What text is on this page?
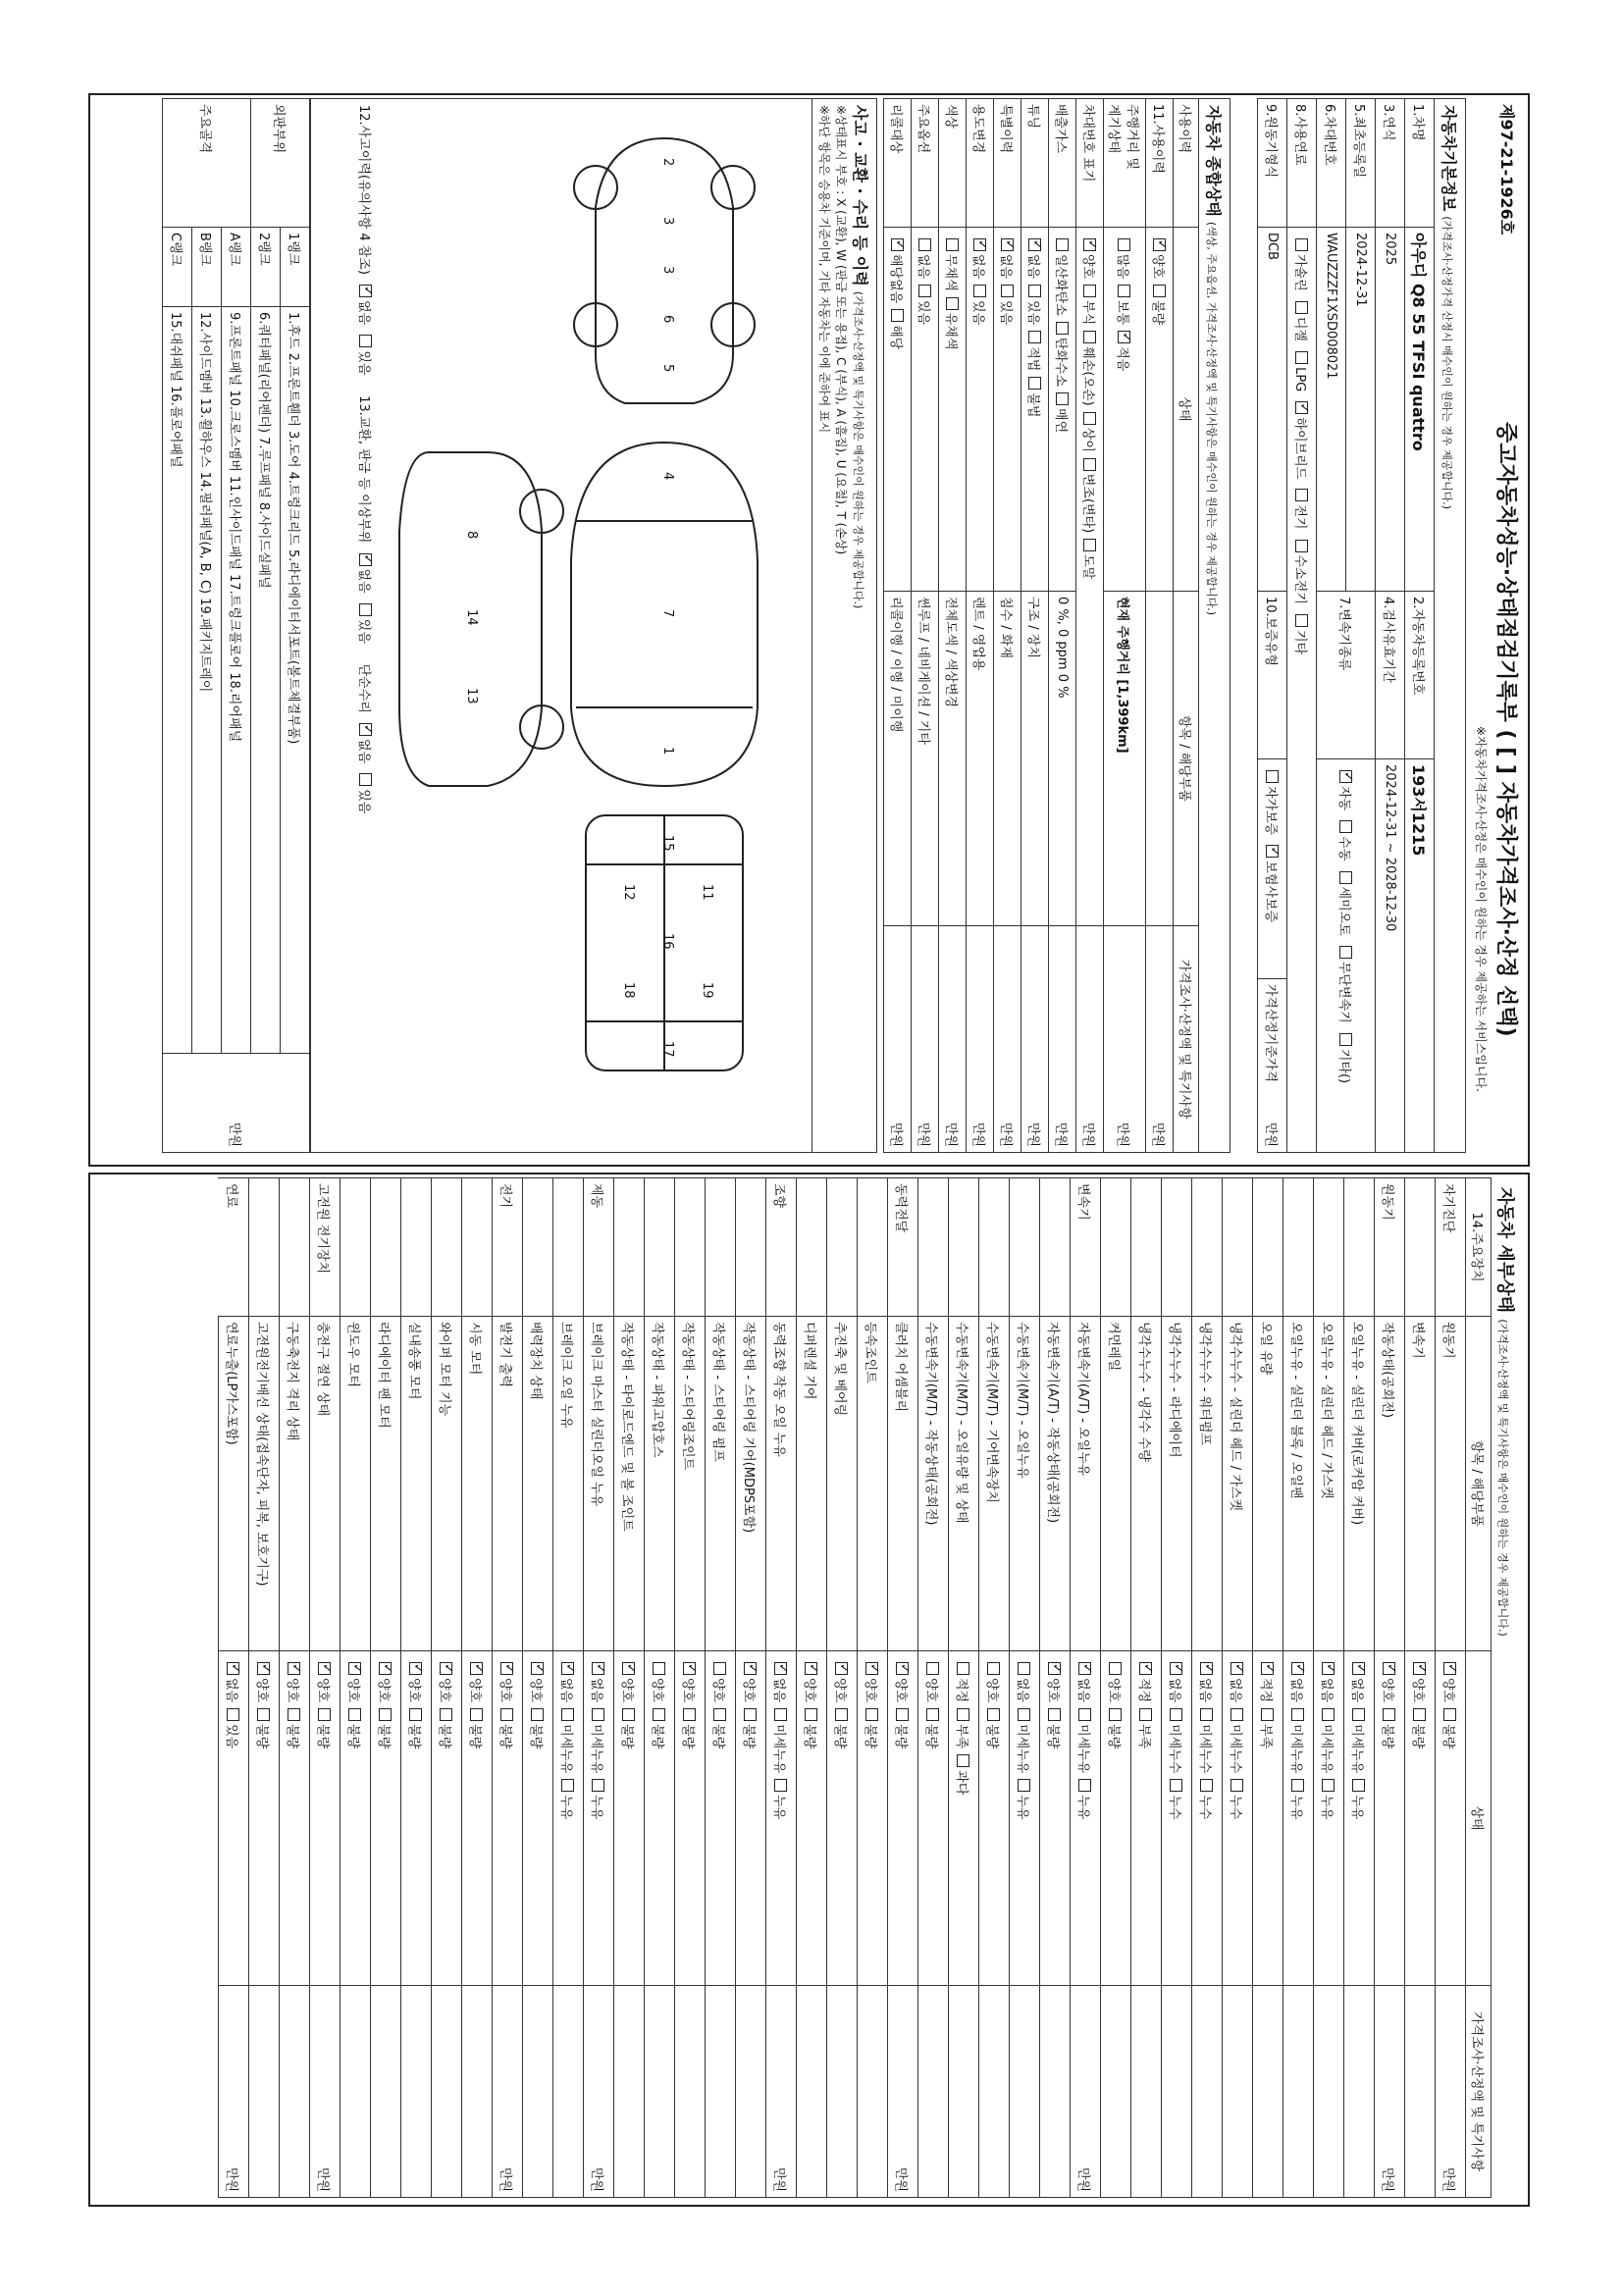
제97-21-1926호
중고자동차성능·상태점검기록부 ( [ ] 자동차가격조사·산정 선택)
※자동차가격조사·산정은 매수인이 원하는 경우 제공하는 서비스입니다.
자동차기본정보 (가격조사·산정가격 산정시 매수인이 원하는 경우 제공합니다.)
1.차명	아우디 Q8 55 TFSI quattro	2.자동차등록번호	193서1215	
3.연식	2025	4.검사유효기간	2024-12-31 ~ 2028-12-30	
5.최초등록일	2024-12-31	7.변속기종류	✓자동 수동 세미오토 무단변속기 기타()
6.차대번호	WAUZZZF1XSD008021			
8.사용연료	가솔린 디젤 LPG ✓하이브리드 전기 수소전기 기타
9.원동기형식	DCB	10.보증유형	자가보증 ✓보험사보증	가격산정기준가격
만원
자동차 종합상태 (색상, 주요옵션, 가격조사·산정액 및 특기사항은 매수인이 원하는 경우 제공합니다.)
사용이력	상태	항목 / 해당부품	가격조사·산정액 및 특기사항
11.사용이력	✓양호불량		만원
주행거리 및
계기상태	많음보통✓적음	현재 주행거리 [1,399km]	만원
차대번호 표기	✓양호부식훼손(오손)상이변조(변타)도말		만원
배출가스	일산화탄소탄화수소매연	0 %, 0 ppm 0 %	만원
튜닝	✓없음있음적법불법	구조 / 장치	만원
특별이력	✓없음있음	침수 / 화재	만원
용도변경	✓없음있음	렌트 / 영업용	만원
색상	무채색유채색	전체도색 / 색상변경	만원
주요옵션	없음있음	썬루프 / 네비게이션 / 기타	만원
리콜대상	✓해당없음해당	리콜이행 / 이행 / 미이행	만원
사고 · 교환 · 수리 등 이력 (가격조사·산정액 및 특기사항은 매수인이 원하는 경우 제공합니다.)
※상태표시 부호 : X (교환), W (판금 또는 용접), C (부식), A (흠집), U (요철), T (손상)
※하단 항목은 승용차 기준이며, 기타 자동차는 이에 준하여 표시
3
3
6
2
5
7
1
4
16
15
17
11
12
19
18
14
8
13
12.사고이력(유의사항 4 참조) ✓없음 있음     13.교환, 판금 등 이상부위 ✓없음 있음     단순수리 ✓없음 있음
외판부위	1랭크	1.후드 2.프론트휀더 3.도어 4.트렁크리드 5.라디에이터서포트(볼트체결부품)	만원
	2랭크	6.쿼터패널(리어펜더) 7.루프패널 8.사이드실패널	
주요골격	A랭크	9.프론트패널 10.크로스멤버 11.인사이드패널 17.트렁크플로어 18.리어패널	
	B랭크	12.사이드멤버 13.휠하우스 14.필러패널(A, B, C) 19.패키지트레이	
	C랭크	15.대쉬패널 16.플로어패널	
자동차 세부상태 (가격조사·산정액 및 특기사항은 매수인이 원하는 경우 제공합니다.)
14.주요장치	항목 / 해당부품	상태	가격조사·산정액 및 특기사항
자기진단	원동기	✓양호불량	만원
	변속기	✓양호불량	
원동기	작동상태(공회전)	✓양호불량	만원
	오일누유 - 실린더 커버(로커암 커버)	✓없음미세누유누유	
	오일누유 - 실린더 헤드 / 가스켓	✓없음미세누유누유	
	오일누유 - 실린더 블록 / 오일팬	✓없음미세누유누유	
	오일 유량	✓적정부족	
	냉각수누수 - 실린더 헤드 / 가스켓	✓없음미세누수누수	
	냉각수누수 - 워터펌프	✓없음미세누수누수	
	냉각수누수 - 라디에이터	✓없음미세누수누수	
	냉각수누수 - 냉각수 수량	✓적정부족	
	커먼레일	양호불량	
변속기	자동변속기(A/T) - 오일누유	✓없음미세누유누유	만원
	자동변속기(A/T) - 작동상태(공회전)	✓양호불량	
	수동변속기(M/T) - 오일누유	없음미세누유누유	
	수동변속기(M/T) - 기어변속장치	양호불량	
	수동변속기(M/T) - 오일유량 및 상태	적정부족과다	
	수동변속기(M/T) - 작동상태(공회전)	양호불량	
동력전달	클러치 어셈블리	✓양호불량	만원
	등속조인트	✓양호불량	
	추진축 및 베어링	✓양호불량	
	디퍼렌셜 기어	✓양호불량	
조향	동력조향 작동 오일 누유	✓없음미세누유누유	만원
	작동상태 - 스티어링 기어(MDPS포함)	✓양호불량	
	작동상태 - 스티어링 펌프	양호불량	
	작동상태 - 스티어링조인트	✓양호불량	
	작동상태 - 파워고압호스	양호불량	
	작동상태 - 타이로드엔드 및 볼 조인트	✓양호불량	
제동	브레이크 마스터 실린더오일 누유	✓없음미세누유누유	만원
	브레이크 오일 누유	✓없음미세누유누유	
	배력장치 상태	✓양호불량	
전기	발전기 출력	✓양호불량	만원
	시동 모터	✓양호불량	
	와이퍼 모터 기능	✓양호불량	
	실내송풍 모터	✓양호불량	
	라디에이터 팬 모터	✓양호불량	
	윈도우 모터	✓양호불량	
고전원 전기장치	충전구 절연 상태	✓양호불량	만원
	구동축전지 격리 상태	✓양호불량	
	고전원전기배선 상태(접속단자, 피복, 보호기구)	✓양호불량	
연료	연료누출(LP가스포함)	✓없음있음	만원
